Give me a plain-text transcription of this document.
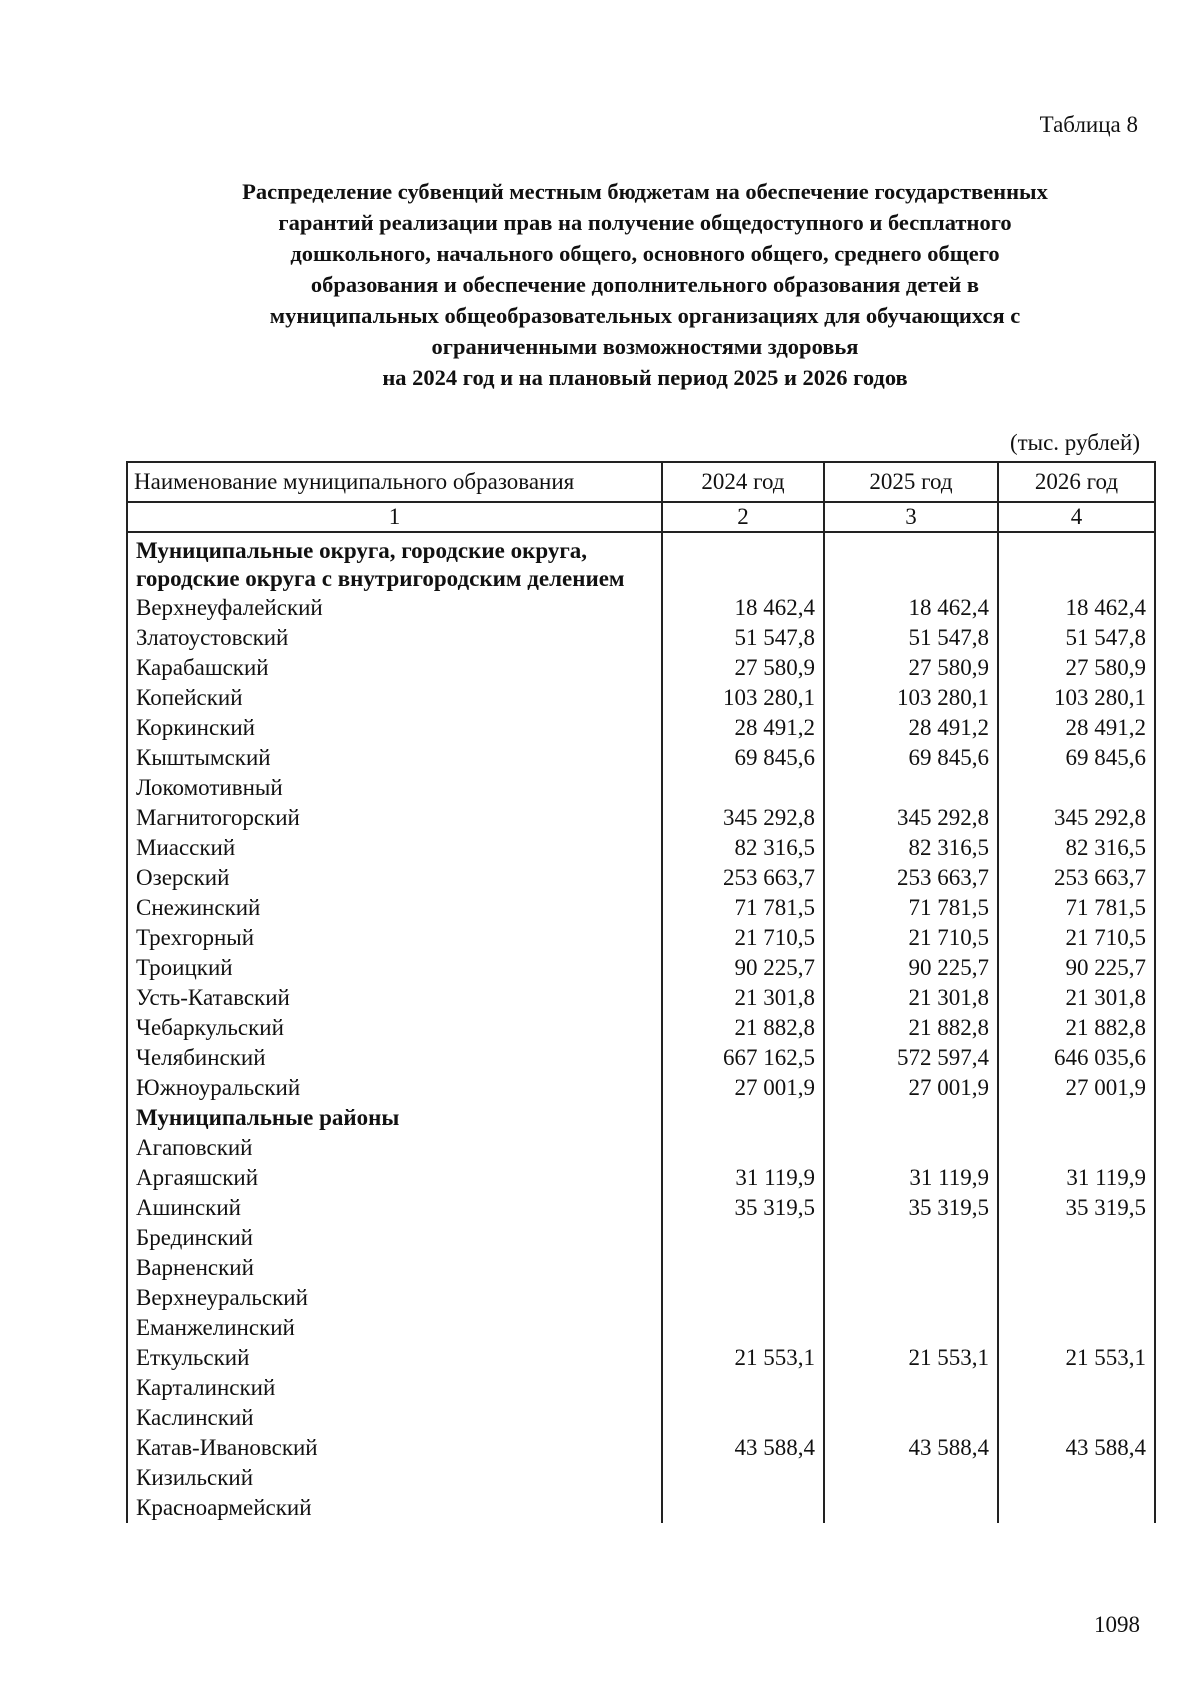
Таблица 8
Распределение субвенций местным бюджетам на обеспечение государственных
гарантий реализации прав на получение общедоступного и бесплатного
дошкольного, начального общего, основного общего, среднего общего
образования и обеспечение дополнительного образования детей в
муниципальных общеобразовательных организациях для обучающихся с
ограниченными возможностями здоровья
на 2024 год и на плановый период 2025 и 2026 годов
(тыс. рублей)
Наименование муниципального образования	2024 год	2025 год	2026 год
1	2	3	4
Муниципальные округа, городские округа, городские округа с внутригородским делением			
Верхнеуфалейский	18 462,4	18 462,4	18 462,4
Златоустовский	51 547,8	51 547,8	51 547,8
Карабашский	27 580,9	27 580,9	27 580,9
Копейский	103 280,1	103 280,1	103 280,1
Коркинский	28 491,2	28 491,2	28 491,2
Кыштымский	69 845,6	69 845,6	69 845,6
Локомотивный			
Магнитогорский	345 292,8	345 292,8	345 292,8
Миасский	82 316,5	82 316,5	82 316,5
Озерский	253 663,7	253 663,7	253 663,7
Снежинский	71 781,5	71 781,5	71 781,5
Трехгорный	21 710,5	21 710,5	21 710,5
Троицкий	90 225,7	90 225,7	90 225,7
Усть-Катавский	21 301,8	21 301,8	21 301,8
Чебаркульский	21 882,8	21 882,8	21 882,8
Челябинский	667 162,5	572 597,4	646 035,6
Южноуральский	27 001,9	27 001,9	27 001,9
Муниципальные районы			
Агаповский			
Аргаяшский	31 119,9	31 119,9	31 119,9
Ашинский	35 319,5	35 319,5	35 319,5
Брединский			
Варненский			
Верхнеуральский			
Еманжелинский			
Еткульский	21 553,1	21 553,1	21 553,1
Карталинский			
Каслинский			
Катав-Ивановский	43 588,4	43 588,4	43 588,4
Кизильский			
Красноармейский			
1098
